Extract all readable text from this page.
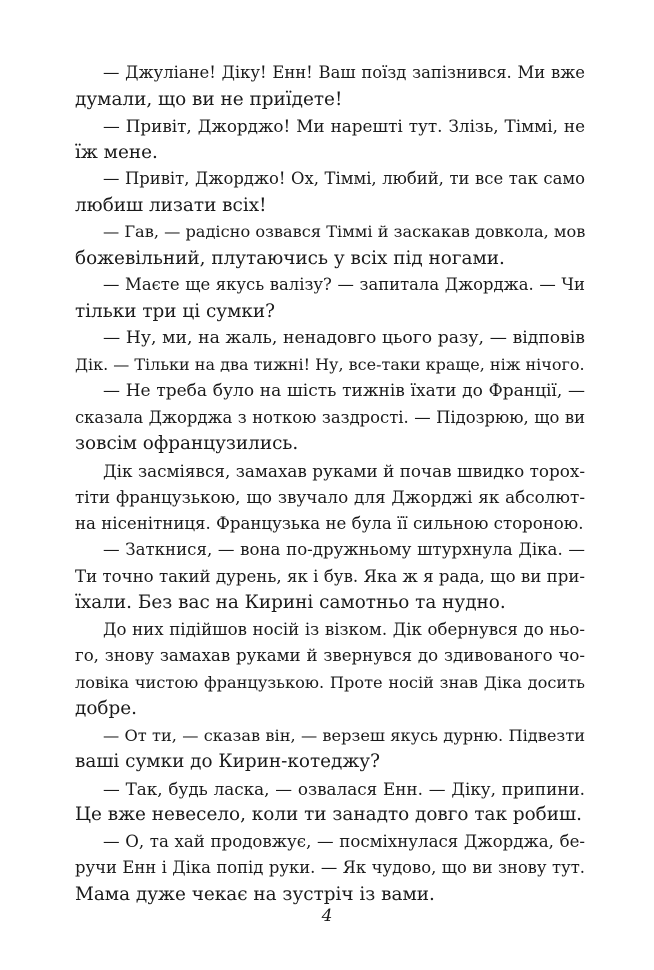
— Джуліане! Діку! Енн! Ваш поїзд запізнився. Ми вже
думали, що ви не приїдете!
— Привіт, Джорджо! Ми нарешті тут. Злізь, Тіммі, не
їж мене.
— Привіт, Джорджо! Ох, Тіммі, любий, ти все так само
любиш лизати всіх!
— Гав, — радісно озвався Тіммі й заскакав довкола, мов
божевільний, плутаючись у всіх під ногами.
— Маєте ще якусь валізу? — запитала Джорджа. — Чи
тільки три ці сумки?
— Ну, ми, на жаль, ненадовго цього разу, — відповів
Дік. — Тільки на два тижні! Ну, все-таки краще, ніж нічого.
— Не треба було на шість тижнів їхати до Франції, —
сказала Джорджа з ноткою заздрості. — Підозрюю, що ви
зовсім офранцузились.
Дік засміявся, замахав руками й почав швидко торох-
тіти французькою, що звучало для Джорджі як абсолют-
на нісенітниця. Французька не була її сильною стороною.
— Заткнися, — вона по-дружньому штурхнула Діка. —
Ти точно такий дурень, як і був. Яка ж я рада, що ви при-
їхали. Без вас на Кирині самотньо та нудно.
До них підійшов носій із візком. Дік обернувся до ньо-
го, знову замахав руками й звернувся до здивованого чо-
ловіка чистою французькою. Проте носій знав Діка досить
добре.
— От ти, — сказав він, — верзеш якусь дурню. Підвезти
ваші сумки до Кирин-котеджу?
— Так, будь ласка, — озвалася Енн. — Діку, припини.
Це вже невесело, коли ти занадто довго так робиш.
— О, та хай продовжує, — посміхнулася Джорджа, бе-
ручи Енн і Діка попід руки. — Як чудово, що ви знову тут.
Мама дуже чекає на зустріч із вами.
4
